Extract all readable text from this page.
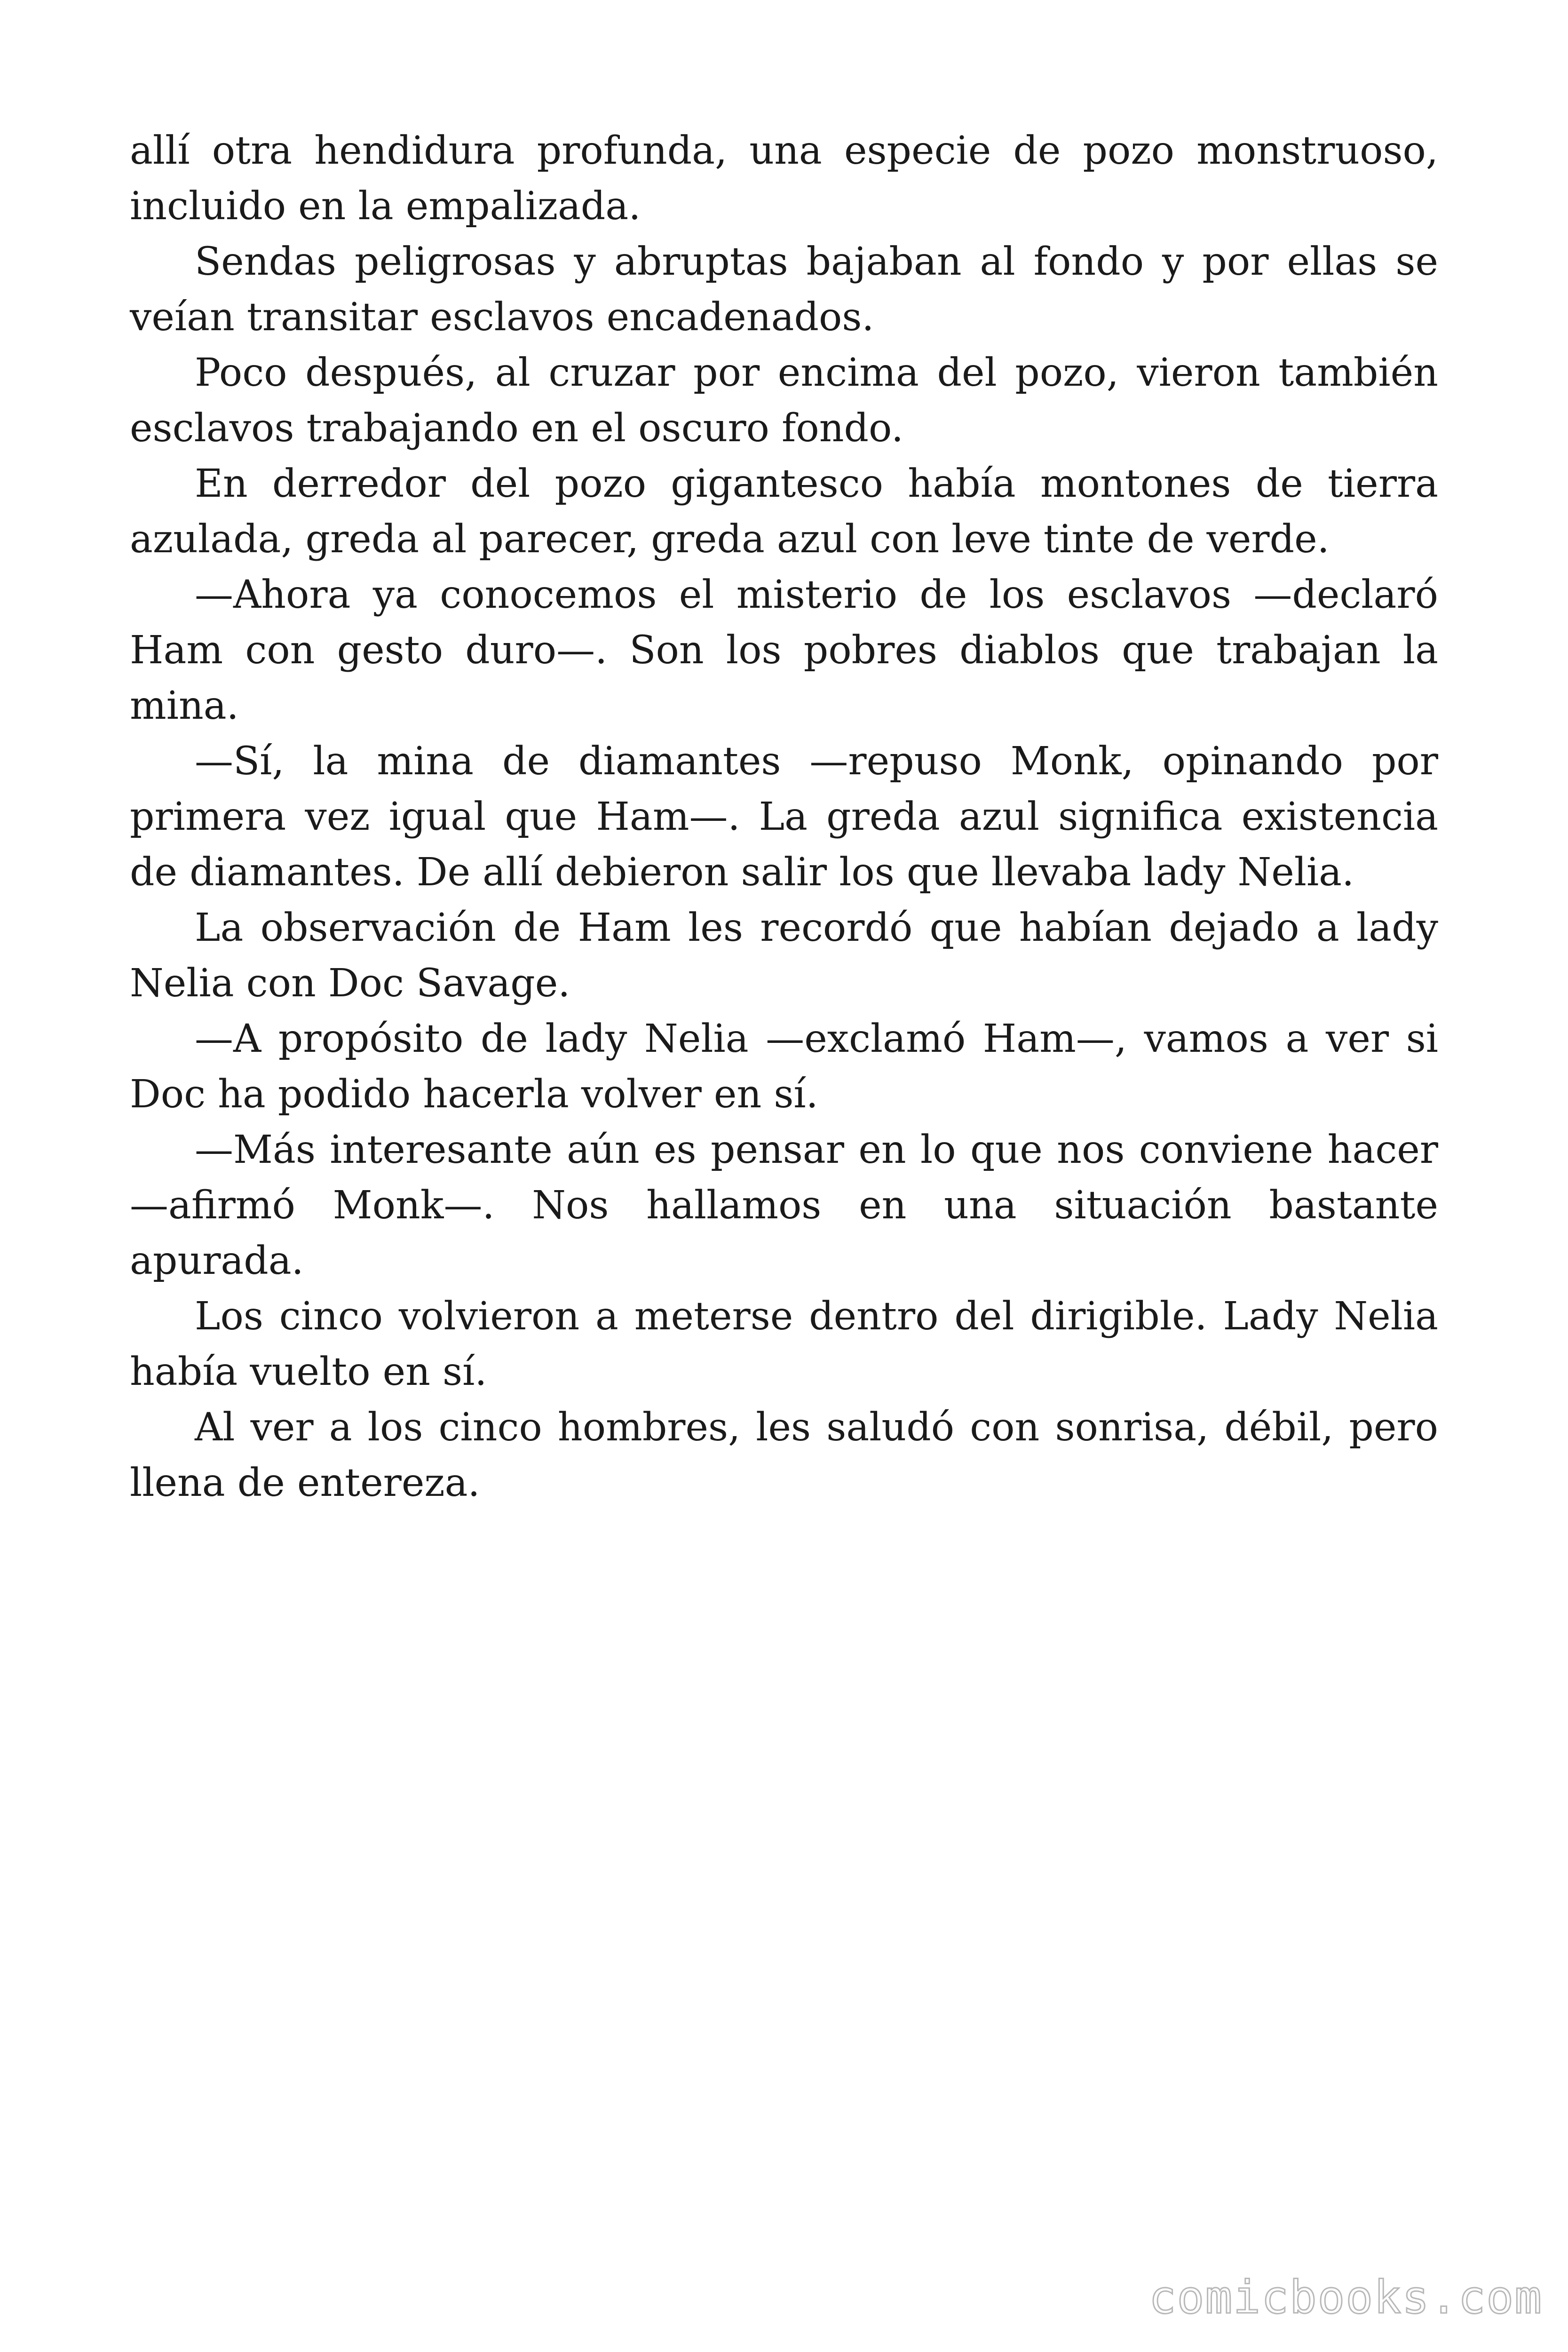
allí otra hendidura profunda, una especie de pozo monstruoso, incluido en la empalizada.

Sendas peligrosas y abruptas bajaban al fondo y por ellas se veían transitar esclavos encadenados.

Poco después, al cruzar por encima del pozo, vieron también esclavos trabajando en el oscuro fondo.

En derredor del pozo gigantesco había montones de tierra azulada, greda al parecer, greda azul con leve tinte de verde.

—Ahora ya conocemos el misterio de los esclavos —declaró Ham con gesto duro—. Son los pobres diablos que trabajan la mina.

—Sí, la mina de diamantes —repuso Monk, opinando por primera vez igual que Ham—. La greda azul significa existencia de diamantes. De allí debieron salir los que llevaba lady Nelia.

La observación de Ham les recordó que habían dejado a lady Nelia con Doc Savage.

—A propósito de lady Nelia —exclamó Ham—, vamos a ver si Doc ha podido hacerla volver en sí.

—Más interesante aún es pensar en lo que nos conviene hacer —afirmó Monk—. Nos hallamos en una situación bastante apurada.

Los cinco volvieron a meterse dentro del dirigible. Lady Nelia había vuelto en sí.

Al ver a los cinco hombres, les saludó con sonrisa, débil, pero llena de entereza.

comicbooks.com
